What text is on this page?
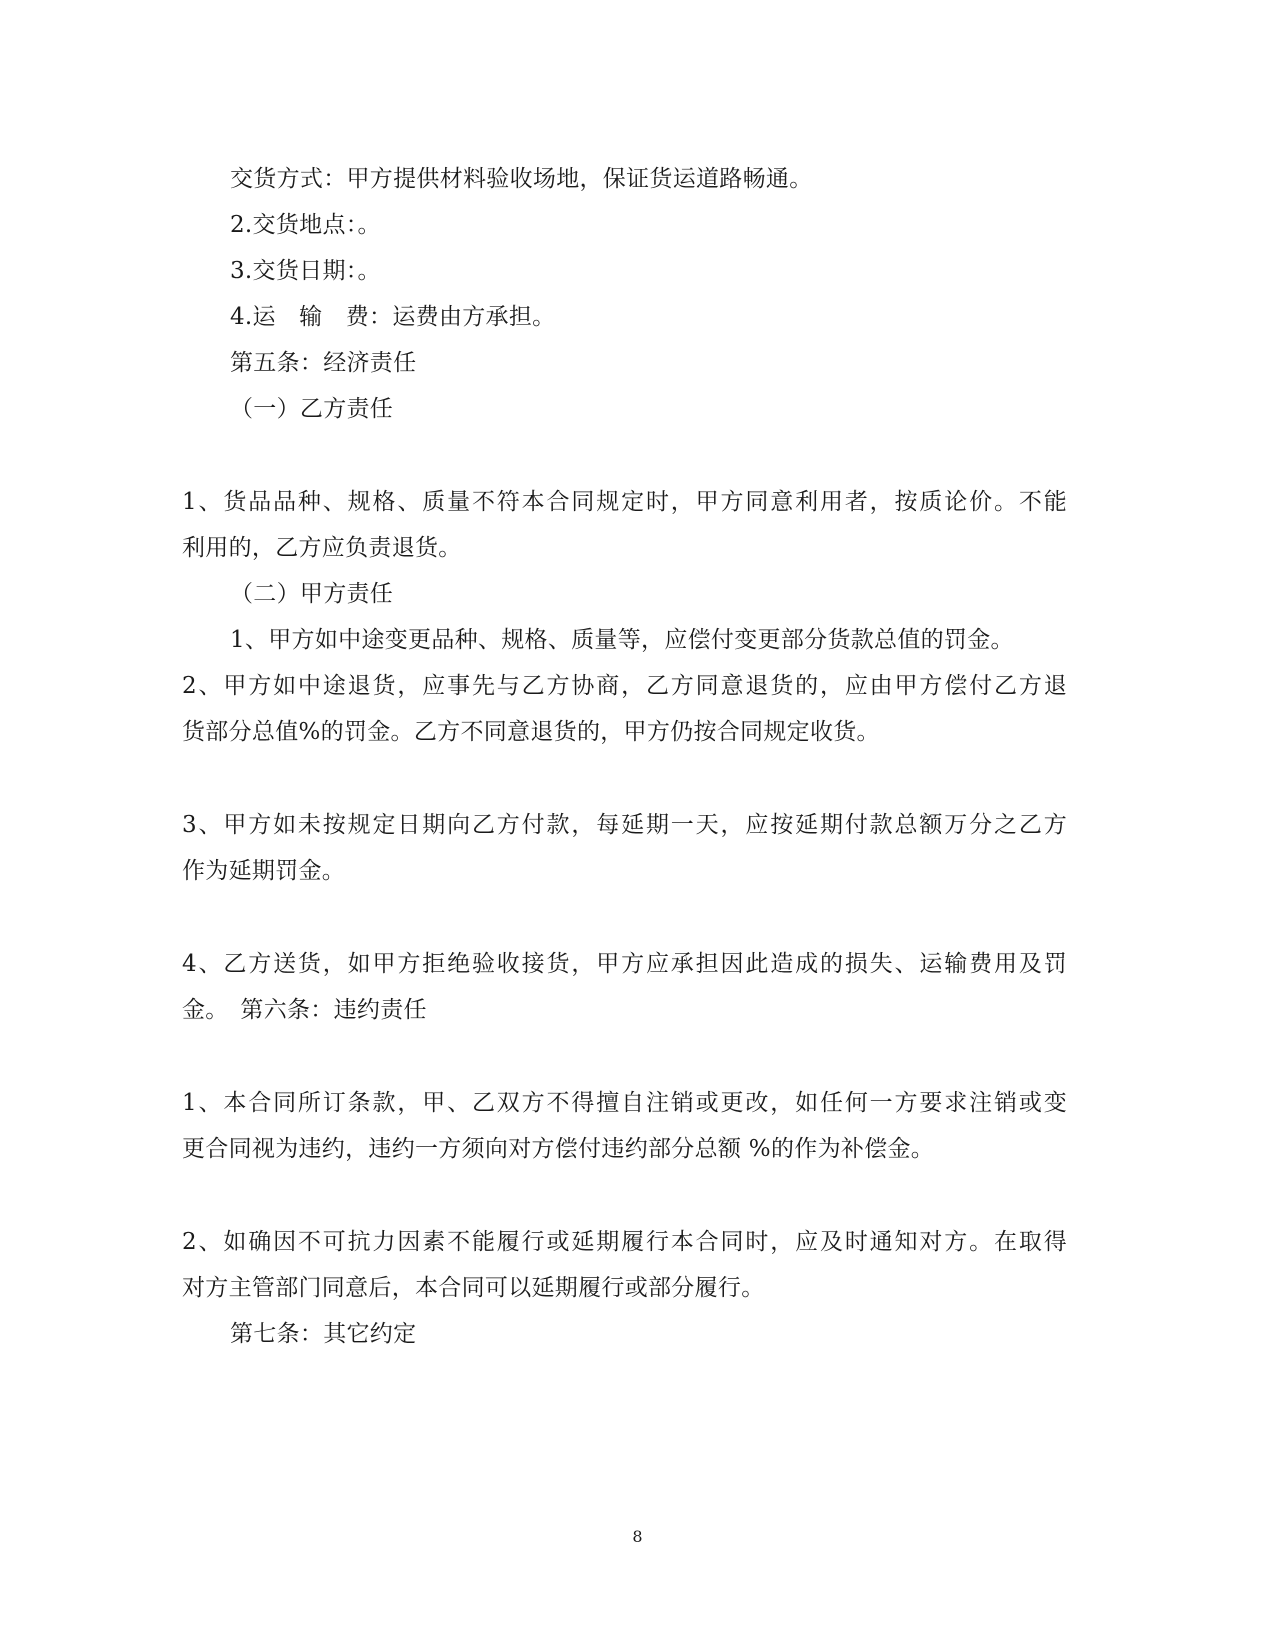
交货方式：甲方提供材料验收场地，保证货运道路畅通。
2.交货地点：。
3.交货日期：。
4.运　输　费：运费由方承担。
第五条：经济责任
（一）乙方责任
1、货品品种、规格、质量不符本合同规定时，甲方同意利用者，按质论价。不能
利用的，乙方应负责退货。
（二）甲方责任
1、甲方如中途变更品种、规格、质量等，应偿付变更部分货款总值的罚金。
2、甲方如中途退货，应事先与乙方协商，乙方同意退货的，应由甲方偿付乙方退
货部分总值%的罚金。乙方不同意退货的，甲方仍按合同规定收货。
3、甲方如未按规定日期向乙方付款，每延期一天，应按延期付款总额万分之乙方
作为延期罚金。
4、乙方送货，如甲方拒绝验收接货，甲方应承担因此造成的损失、运输费用及罚
金。　第六条：违约责任
1、本合同所订条款，甲、乙双方不得擅自注销或更改，如任何一方要求注销或变
更合同视为违约，违约一方须向对方偿付违约部分总额 %的作为补偿金。
2、如确因不可抗力因素不能履行或延期履行本合同时，应及时通知对方。在取得
对方主管部门同意后，本合同可以延期履行或部分履行。
第七条：其它约定
8
